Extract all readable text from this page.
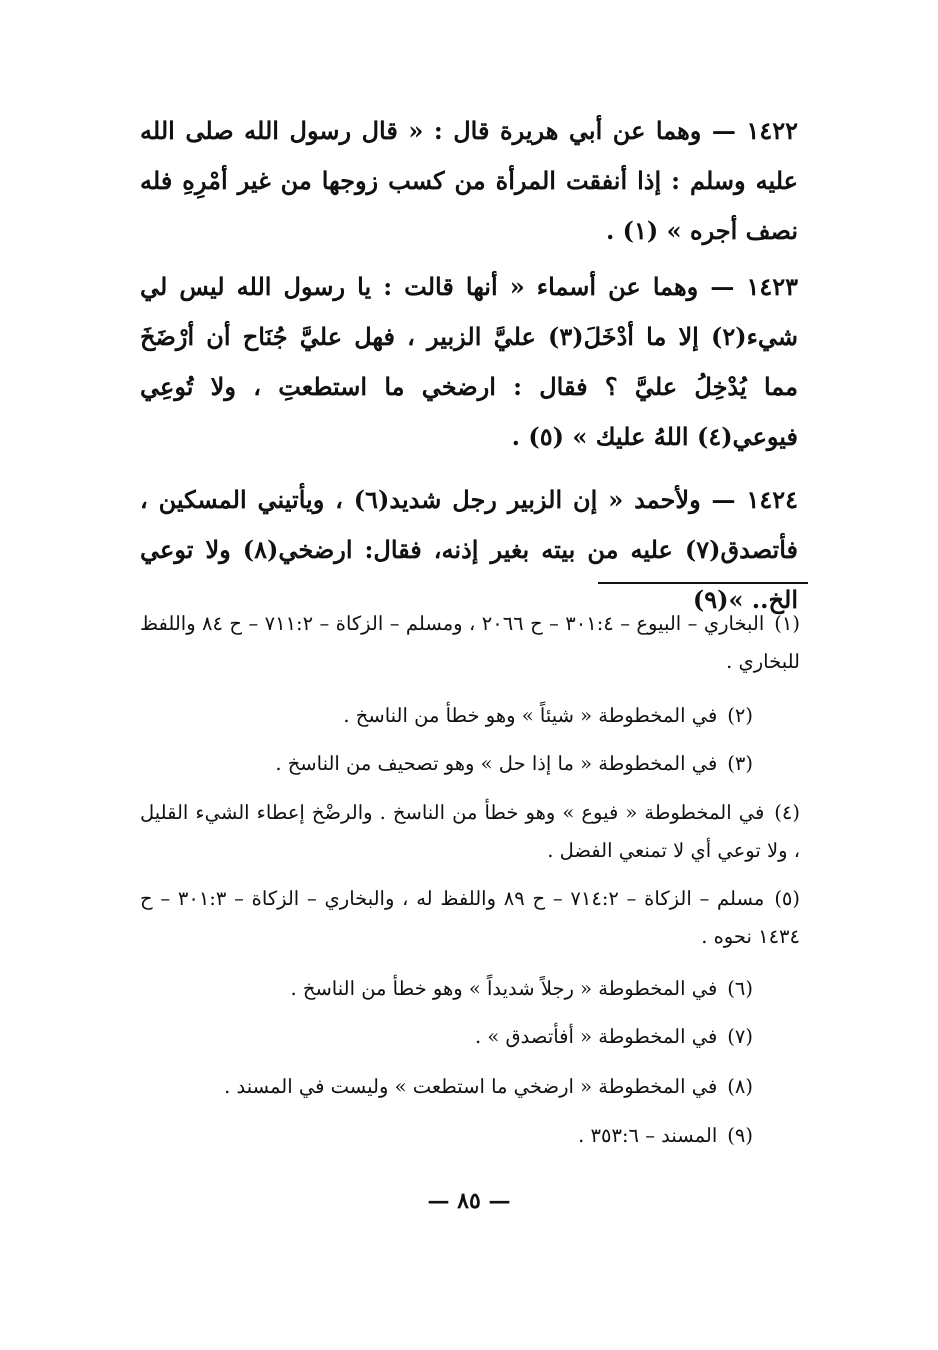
١٤٢٢ — وهما عن أبي هريرة قال : « قال رسول الله صلى الله عليه وسلم : إذا أنفقت المرأة من كسب زوجها من غير أمْرِهِ فله نصف أجره » (١) .

١٤٢٣ — وهما عن أسماء « أنها قالت : يا رسول الله ليس لي شيء(٢) إلا ما أدْخَلَ(٣) عليَّ الزبير ، فهل عليَّ جُنَاح أن أرْضَخَ مما يُدْخِلُ عليَّ ؟ فقال : ارضخي ما استطعتِ ، ولا تُوعِي فيوعي(٤) اللهُ عليك » (٥) .

١٤٢٤ — ولأحمد « إن الزبير رجل شديد(٦) ، ويأتيني المسكين ، فأتصدق(٧) عليه من بيته بغير إذنه، فقال: ارضخي(٨) ولا توعي الخ.. »(٩)

(١)البخاري – البيوع – ٣٠١:٤ – ح ٢٠٦٦ ، ومسلم – الزكاة – ٧١١:٢ – ح ٨٤ واللفظ للبخاري .

(٢)في المخطوطة « شيئاً » وهو خطأ من الناسخ .

(٣)في المخطوطة « ما إذا حل » وهو تصحيف من الناسخ .

(٤)في المخطوطة « فيوع » وهو خطأ من الناسخ . والرضْخ إعطاء الشيء القليل ، ولا توعي أي لا تمنعي الفضل .

(٥)مسلم – الزكاة – ٧١٤:٢ – ح ٨٩ واللفظ له ، والبخاري – الزكاة – ٣٠١:٣ – ح ١٤٣٤ نحوه .

(٦)في المخطوطة « رجلاً شديداً » وهو خطأ من الناسخ .

(٧)في المخطوطة « أفأتصدق » .

(٨)في المخطوطة « ارضخي ما استطعت » وليست في المسند .

(٩)المسند – ٣٥٣:٦ .

— ٨٥ —
